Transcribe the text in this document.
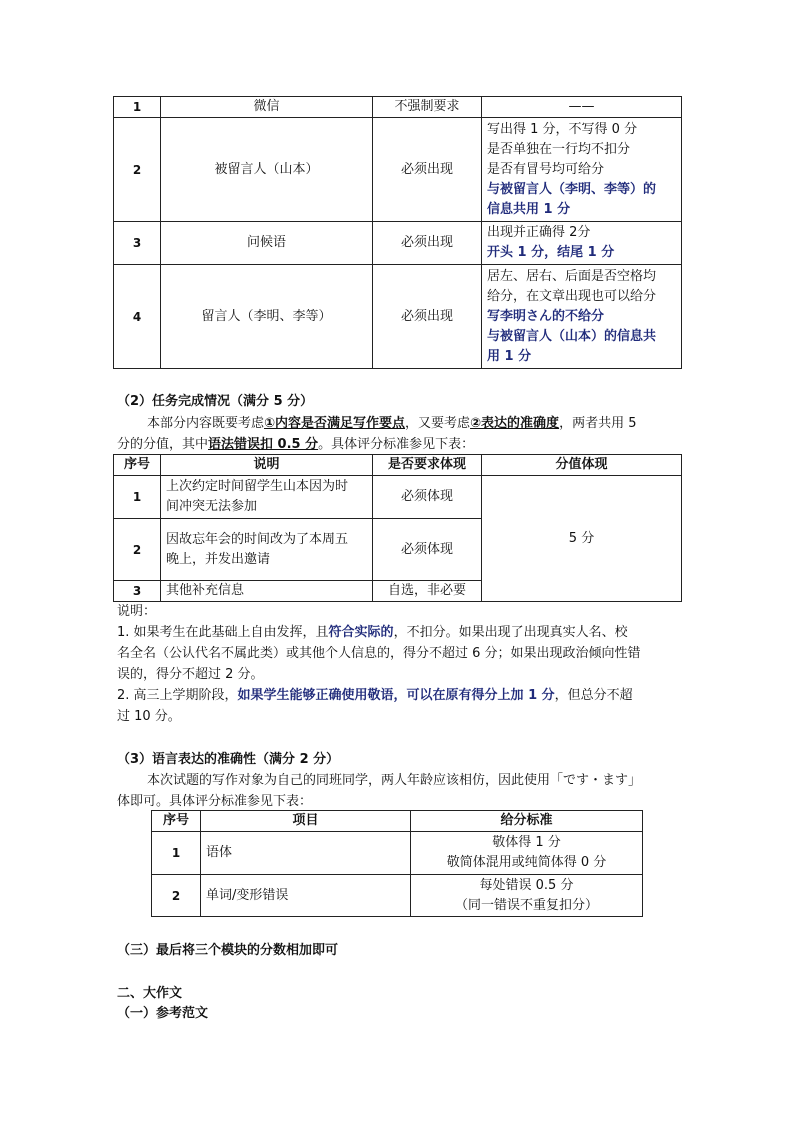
1	微信	不强制要求	——
2	被留言人（山本）	必须出现	写出得 1 分，不写得 0 分
是否单独在一行均不扣分
是否有冒号均可给分
与被留言人（李明、李等）的
信息共用 1 分

3	问候语	必须出现	出现并正确得 2分
开头 1 分，结尾 1 分

4	留言人（李明、李等）	必须出现	居左、居右、后面是否空格均
给分，在文章出现也可以给分
写李明さん的不给分
与被留言人（山本）的信息共
用 1 分
（2）任务完成情况（满分 5 分）
本部分内容既要考虑①内容是否满足写作要点，又要考虑②表达的准确度，两者共用 5
分的分值，其中语法错误扣 0.5 分。具体评分标准参见下表：
序号	说明	是否要求体现	分值体现
1	上次约定时间留学生山本因为时
间冲突无法参加	必须体现	5 分
2	因故忘年会的时间改为了本周五
晚上，并发出邀请	必须体现	
3	其他补充信息	自选，非必要	
说明：
1. 如果考生在此基础上自由发挥，且符合实际的，不扣分。如果出现了出现真实人名、校
名全名（公认代名不属此类）或其他个人信息的，得分不超过 6 分；如果出现政治倾向性错
误的，得分不超过 2 分。
2. 高三上学期阶段，如果学生能够正确使用敬语，可以在原有得分上加 1 分，但总分不超
过 10 分。
（3）语言表达的准确性（满分 2 分）
本次试题的写作对象为自己的同班同学，两人年龄应该相仿，因此使用「です・ます」
体即可。具体评分标准参见下表：
序号	项目	给分标准
1	语体	敬体得 1 分
敬简体混用或纯简体得 0 分

2	单词/变形错误	每处错误 0.5 分
（同一错误不重复扣分）
（三）最后将三个模块的分数相加即可
二、大作文
（一）参考范文
